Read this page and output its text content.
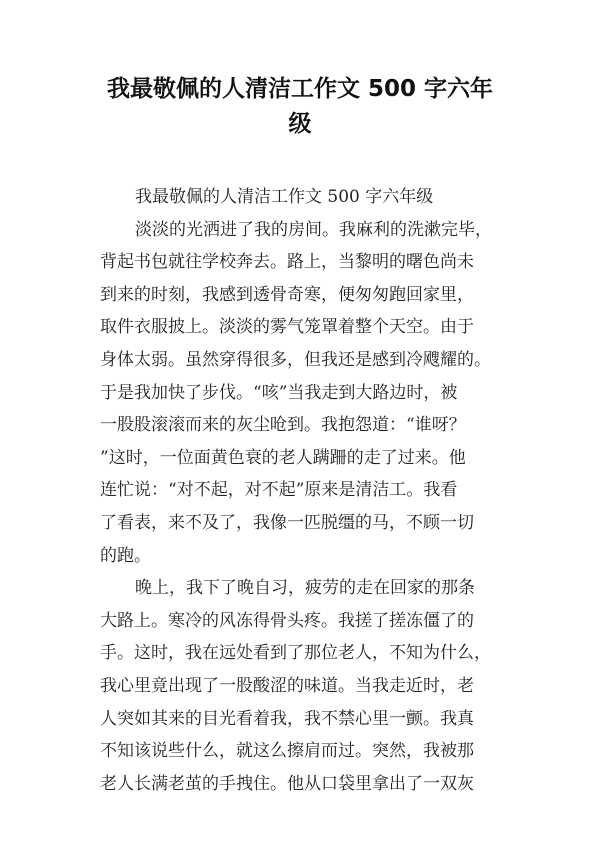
我最敬佩的人清洁工作文 500 字六年
级
我最敬佩的人清洁工作文 500 字六年级
淡淡的光洒进了我的房间。我麻利的洗漱完毕，
背起书包就往学校奔去。路上，当黎明的曙色尚未
到来的时刻，我感到透骨奇寒，便匆匆跑回家里，
取件衣服披上。淡淡的雾气笼罩着整个天空。由于
身体太弱。虽然穿得很多，但我还是感到冷飕耀的。
于是我加快了步伐。“咳”当我走到大路边时，被
一股股滚滚而来的灰尘呛到。我抱怨道：“谁呀？
”这时，一位面黄色衰的老人蹒跚的走了过来。他
连忙说：“对不起，对不起”原来是清洁工。我看
了看表，来不及了，我像一匹脱缰的马，不顾一切
的跑。
晚上，我下了晚自习，疲劳的走在回家的那条
大路上。寒冷的风冻得骨头疼。我搓了搓冻僵了的
手。这时，我在远处看到了那位老人，不知为什么，
我心里竟出现了一股酸涩的味道。当我走近时，老
人突如其来的目光看着我，我不禁心里一颤。我真
不知该说些什么，就这么擦肩而过。突然，我被那
老人长满老茧的手拽住。他从口袋里拿出了一双灰
